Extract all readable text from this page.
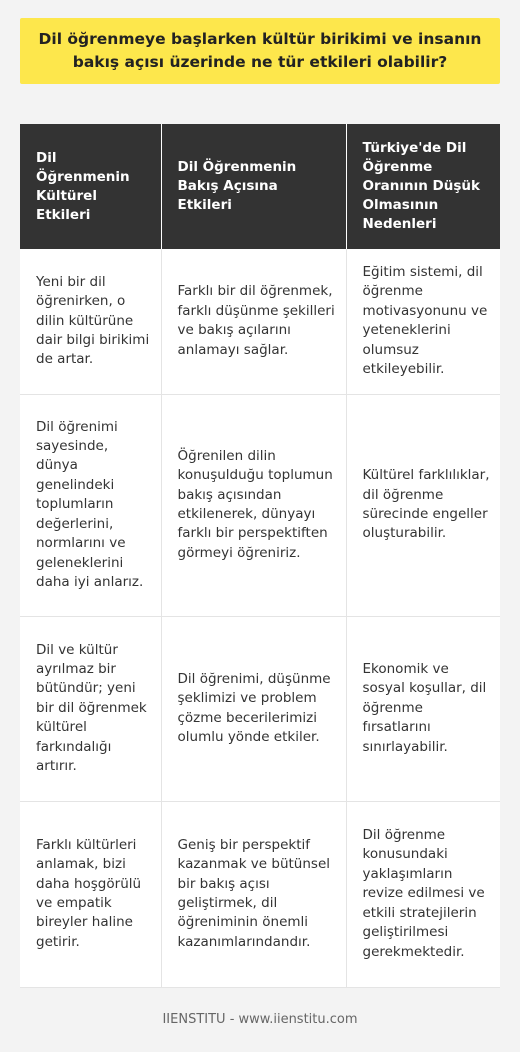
Dil öğrenmeye başlarken kültür birikimi ve insanın bakış açısı üzerinde ne tür etkileri olabilir?
Dil Öğrenmenin Kültürel Etkileri	Dil Öğrenmenin Bakış Açısına Etkileri	Türkiye'de Dil Öğrenme Oranının Düşük Olmasının Nedenleri
Yeni bir dil öğrenirken, o dilin kültürüne dair bilgi birikimi de artar.	Farklı bir dil öğrenmek, farklı düşünme şekilleri ve bakış açılarını anlamayı sağlar.	Eğitim sistemi, dil öğrenme motivasyonunu ve yeteneklerini olumsuz etkileyebilir.
Dil öğrenimi sayesinde, dünya genelindeki toplumların değerlerini, normlarını ve geleneklerini daha iyi anlarız.	Öğrenilen dilin konuşulduğu toplumun bakış açısından etkilenerek, dünyayı farklı bir perspektiften görmeyi öğreniriz.	Kültürel farklılıklar, dil öğrenme sürecinde engeller oluşturabilir.
Dil ve kültür ayrılmaz bir bütündür; yeni bir dil öğrenmek kültürel farkındalığı artırır.	Dil öğrenimi, düşünme şeklimizi ve problem çözme becerilerimizi olumlu yönde etkiler.	Ekonomik ve sosyal koşullar, dil öğrenme fırsatlarını sınırlayabilir.
Farklı kültürleri anlamak, bizi daha hoşgörülü ve empatik bireyler haline getirir.	Geniş bir perspektif kazanmak ve bütünsel bir bakış açısı geliştirmek, dil öğreniminin önemli kazanımlarındandır.	Dil öğrenme konusundaki yaklaşımların revize edilmesi ve etkili stratejilerin geliştirilmesi gerekmektedir.
IIENSTITU - www.iienstitu.com
